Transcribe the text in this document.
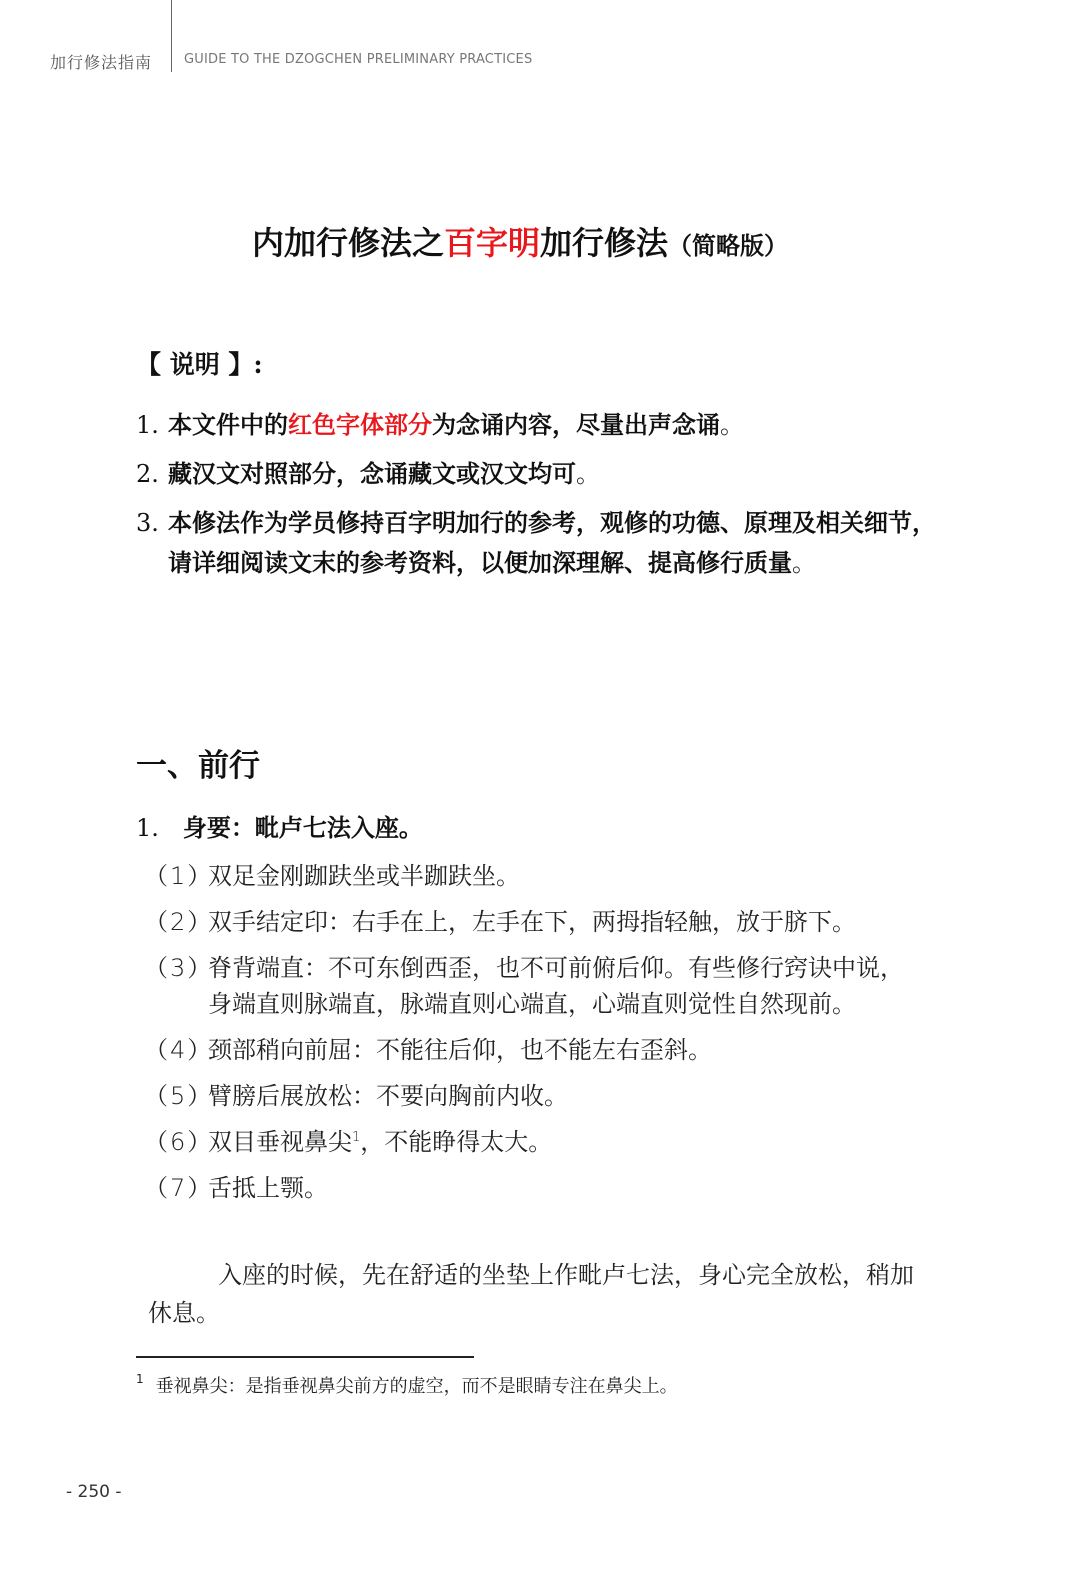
加行修法指南 GUIDE TO THE DZOGCHEN PRELIMINARY PRACTICES
内加行修法之百字明加行修法（简略版）
【 说明 】:
1. 本文件中的红色字体部分为念诵内容，尽量出声念诵。
2. 藏汉文对照部分，念诵藏文或汉文均可。
3. 本修法作为学员修持百字明加行的参考，观修的功德、原理及相关细节，请详细阅读文末的参考资料，以便加深理解、提高修行质量。
一、前行
1. 身要：毗卢七法入座。
（1）
双足金刚跏趺坐或半跏趺坐。
（2）
双手结定印：右手在上，左手在下，两拇指轻触，放于脐下。
（3）
脊背端直：不可东倒西歪，也不可前俯后仰。有些修行窍诀中说，身端直则脉端直，脉端直则心端直，心端直则觉性自然现前。
（4）
颈部稍向前屈：不能往后仰，也不能左右歪斜。
（5）
臂膀后展放松：不要向胸前内收。
（6）
双目垂视鼻尖$^1$，不能睁得太大。
（7）
舌抵上颚。
入座的时候，先在舒适的坐垫上作毗卢七法，身心完全放松，稍加休息。
$^1$ 垂视鼻尖：是指垂视鼻尖前方的虚空，而不是眼睛专注在鼻尖上。
- 250 -
